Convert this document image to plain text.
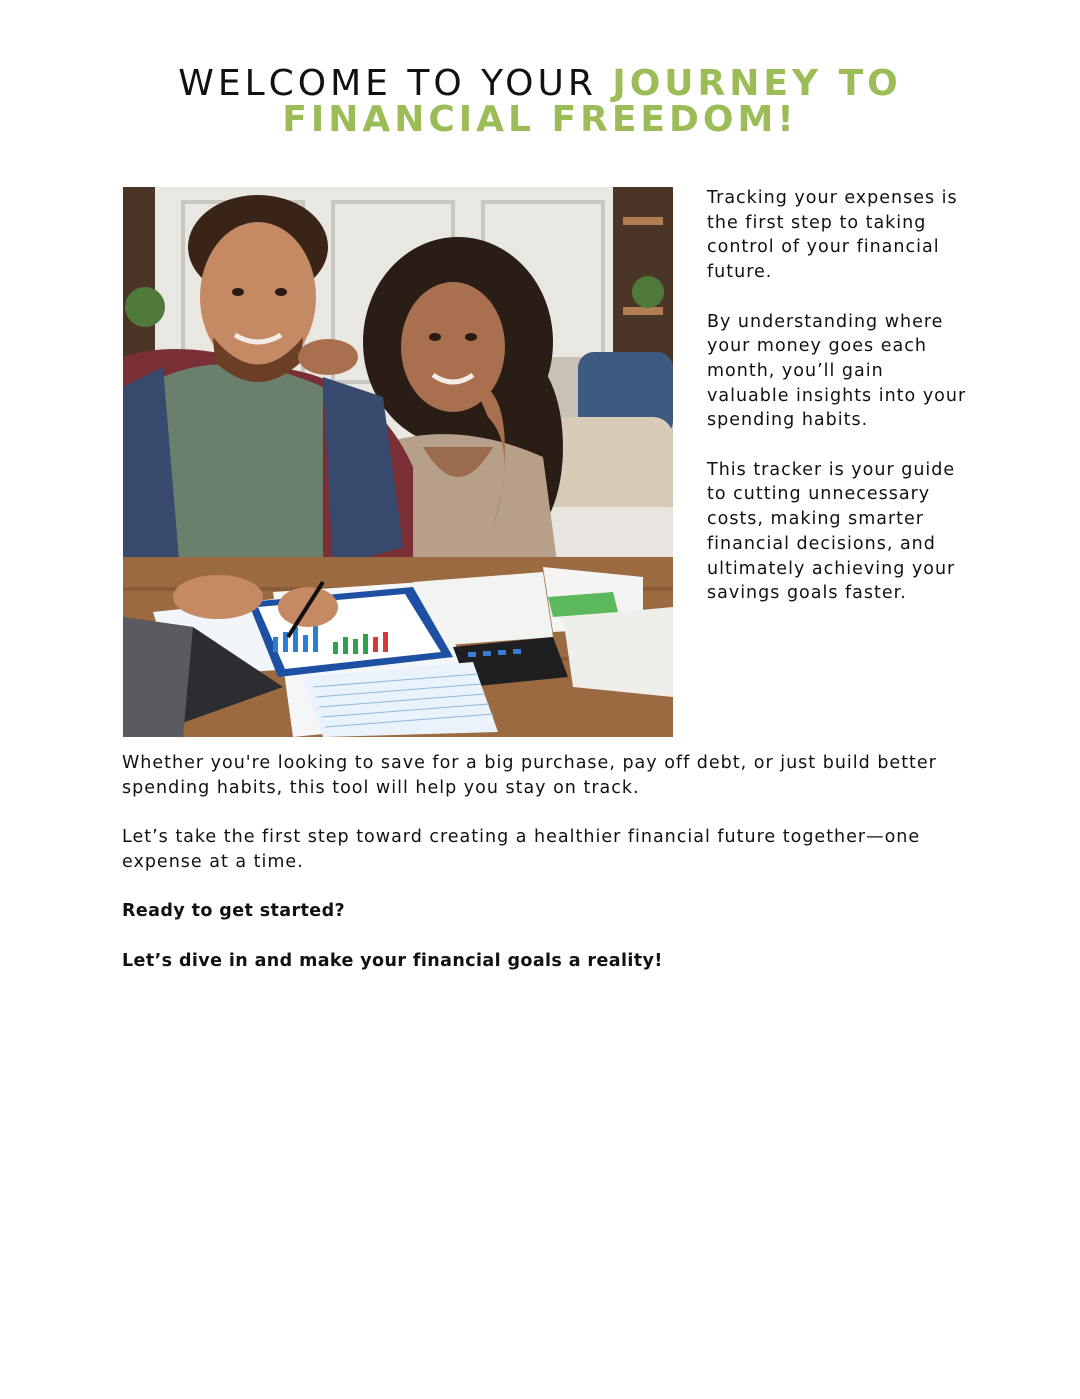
WELCOME TO YOUR JOURNEY TO
FINANCIAL FREEDOM!

Tracking your expenses is the first step to taking control of your financial future.

By understanding where your money goes each month, you’ll gain valuable insights into your spending habits.

This tracker is your guide to cutting unnecessary costs, making smarter financial decisions, and ultimately achieving your savings goals faster.

Whether you're looking to save for a big purchase, pay off debt, or just build better spending habits, this tool will help you stay on track.

Let’s take the first step toward creating a healthier financial future together—one expense at a time.

Ready to get started?

Let’s dive in and make your financial goals a reality!
